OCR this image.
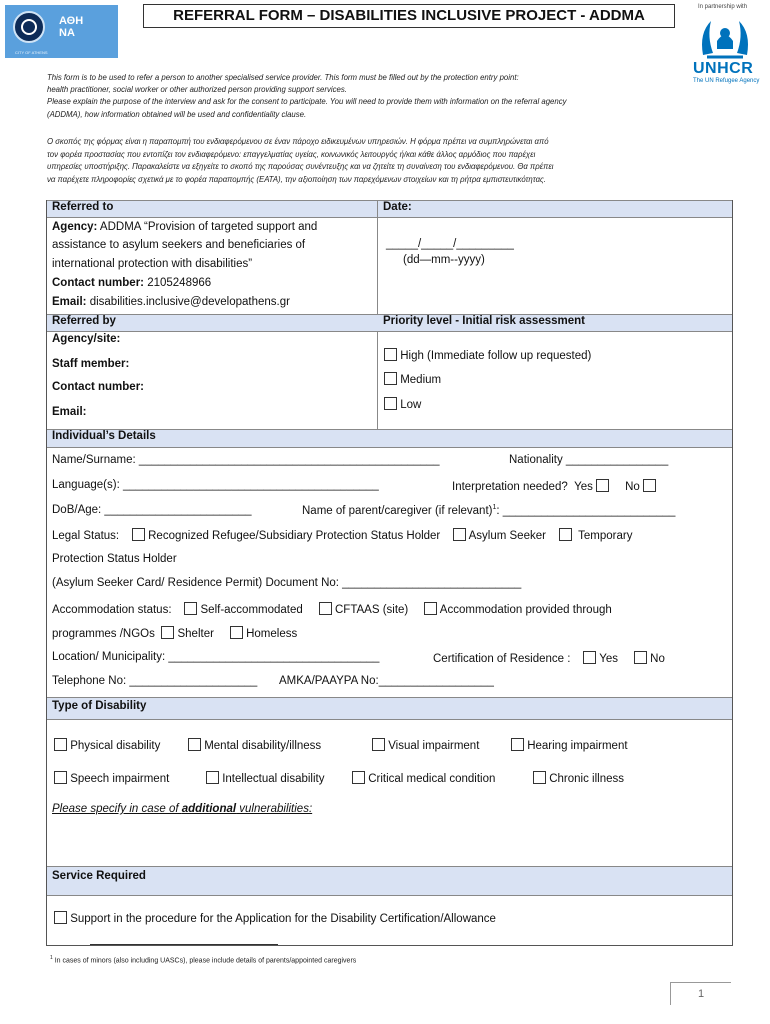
ΑΘΗ
ΝΑ
CITY OF ATHENS
REFERRAL FORM – DISABILITIES INCLUSIVE PROJECT - ADDMA	In partnership with
UNHCR
The UN Refugee Agency
This form is to be used to refer a person to another specialised service provider. This form must be filled out by the protection entry point:
health practitioner, social worker or other authorized person providing support services.
Please explain the purpose of the interview and ask for the consent to participate. You will need to provide them with information on the referral agency
(ADDMA), how information obtained will be used and confidentiality clause.
Ο σκοπός της φόρμας είναι η παραπομπή του ενδιαφερόμενου σε έναν πάροχο ειδικευμένων υπηρεσιών. Η φόρμα πρέπει να συμπληρώνεται από
τον φορέα προστασίας που εντοπίζει τον ενδιαφερόμενο: επαγγελματίας υγείας, κοινωνικός λειτουργός ή/και κάθε άλλος αρμόδιος που παρέχει
υπηρεσίες υποστήριξης. Παρακαλείστε να εξηγείτε το σκοπό της παρούσας συνέντευξης και να ζητείτε τη συναίνεση του ενδιαφερόμενου. Θα πρέπει
να παρέχετε πληροφορίες σχετικά με το φορέα παραπομπής (ΕΑΤΑ), την αξιοποίηση των παρεχόμενων στοιχείων και τη ρήτρα εμπιστευτικότητας.
Referred to	Date:
Agency: ADDMA “Provision of targeted support and
assistance to asylum seekers and beneficiaries of
international protection with disabilities”
Contact number: 2105248966
Email: disabilities.inclusive@developathens.gr
_____/_____/_________
(dd—mm--yyyy)
Referred by	Priority level - Initial risk assessment
Agency/site:
Staff member:
Contact number:
Email:
High (Immediate follow up requested)
Medium
Low
Individual’s Details
Name/Surname: _______________________________________________	Nationality ________________
Language(s): ________________________________________	Interpretation needed? Yes	No
DoB/Age: _______________________	Name of parent/caregiver (if relevant)$^1$: ___________________________
Legal Status:	Recognized Refugee/Subsidiary Protection Status Holder Asylum Seeker	Temporary
Protection Status Holder
(Asylum Seeker Card/ Residence Permit) Document No: ____________________________
Accommodation status:	Self-accommodated	CFTAAS (site)	Accommodation provided through
programmes /NGOs Shelter	Homeless
Location/ Municipality: _________________________________	Certification of Residence :	Yes	No
Telephone No: ____________________ AMKA/PAAYPA No:__________________
Type of Disability
Physical disability	Mental disability/illness	Visual impairment	Hearing impairment
Speech impairment	Intellectual disability	Critical medical condition	Chronic illness
Please specify in case of additional vulnerabilities:
Service Required
Support in the procedure for the Application for the Disability Certification/Allowance
$^1$ In cases of minors (also including UASCs), please include details of parents/appointed caregivers
1
